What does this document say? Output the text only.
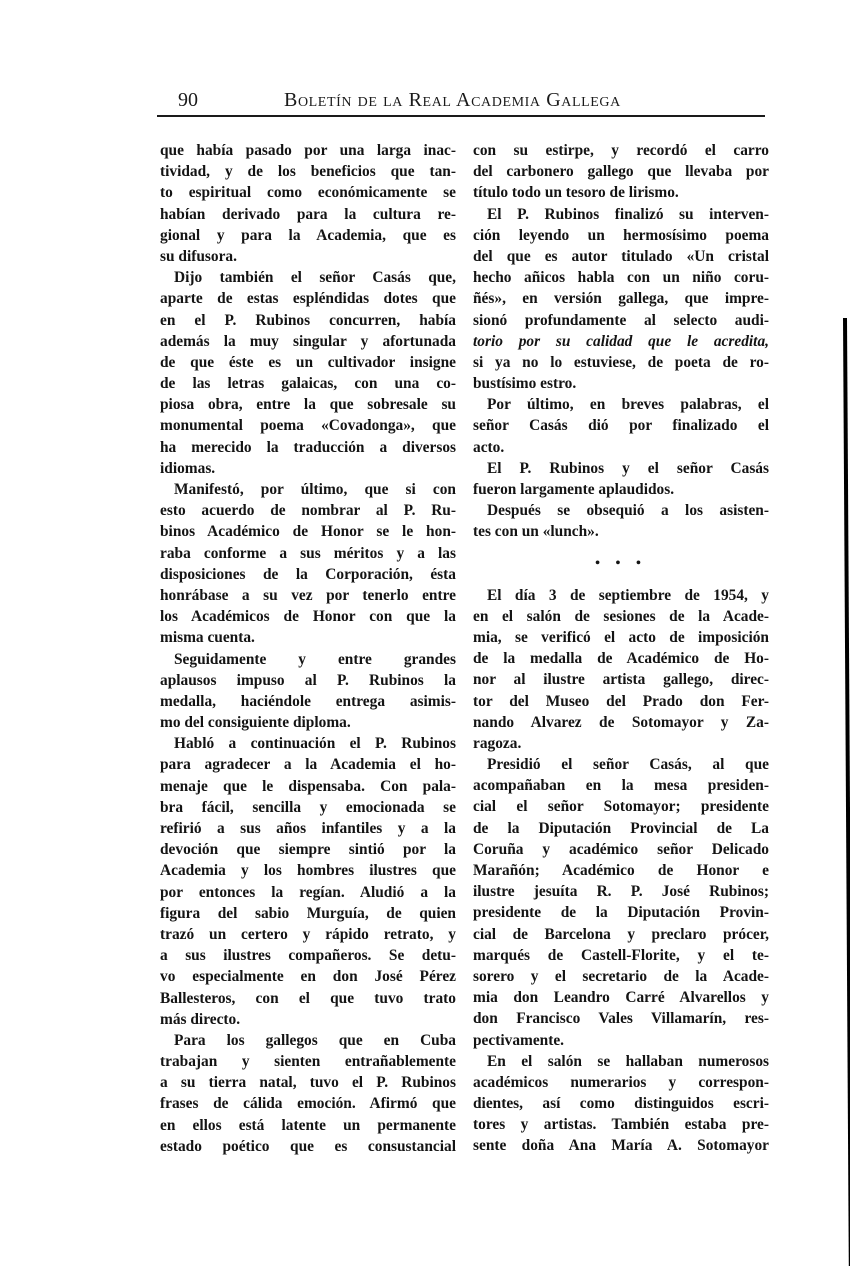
90	Boletín de la Real Academia Gallega
que había pasado por una larga inac-
tividad, y de los beneficios que tan-
to espiritual como económicamente se
habían derivado para la cultura re-
gional y para la Academia, que es
su difusora.
Dijo también el señor Casás que,
aparte de estas espléndidas dotes que
en el P. Rubinos concurren, había
además la muy singular y afortunada
de que éste es un cultivador insigne
de las letras galaicas, con una co-
piosa obra, entre la que sobresale su
monumental poema «Covadonga», que
ha merecido la traducción a diversos
idiomas.
Manifestó, por último, que si con
esto acuerdo de nombrar al P. Ru-
binos Académico de Honor se le hon-
raba conforme a sus méritos y a las
disposiciones de la Corporación, ésta
honrábase a su vez por tenerlo entre
los Académicos de Honor con que la
misma cuenta.
Seguidamente y entre grandes
aplausos impuso al P. Rubinos la
medalla, haciéndole entrega asimis-
mo del consiguiente diploma.
Habló a continuación el P. Rubinos
para agradecer a la Academia el ho-
menaje que le dispensaba. Con pala-
bra fácil, sencilla y emocionada se
refirió a sus años infantiles y a la
devoción que siempre sintió por la
Academia y los hombres ilustres que
por entonces la regían. Aludió a la
figura del sabio Murguía, de quien
trazó un certero y rápido retrato, y
a sus ilustres compañeros. Se detu-
vo especialmente en don José Pérez
Ballesteros, con el que tuvo trato
más directo.
Para los gallegos que en Cuba
trabajan y sienten entrañablemente
a su tierra natal, tuvo el P. Rubinos
frases de cálida emoción. Afirmó que
en ellos está latente un permanente
estado poético que es consustancial
con su estirpe, y recordó el carro
del carbonero gallego que llevaba por
título todo un tesoro de lirismo.
El P. Rubinos finalizó su interven-
ción leyendo un hermosísimo poema
del que es autor titulado «Un cristal
hecho añicos habla con un niño coru-
ñés», en versión gallega, que impre-
sionó profundamente al selecto audi-
torio por su calidad que le acredita,
si ya no lo estuviese, de poeta de ro-
bustísimo estro.
Por último, en breves palabras, el
señor Casás dió por finalizado el
acto.
El P. Rubinos y el señor Casás
fueron largamente aplaudidos.
Después se obsequió a los asisten-
tes con un «lunch».
• • •
El día 3 de septiembre de 1954, y
en el salón de sesiones de la Acade-
mia, se verificó el acto de imposición
de la medalla de Académico de Ho-
nor al ilustre artista gallego, direc-
tor del Museo del Prado don Fer-
nando Alvarez de Sotomayor y Za-
ragoza.
Presidió el señor Casás, al que
acompañaban en la mesa presiden-
cial el señor Sotomayor; presidente
de la Diputación Provincial de La
Coruña y académico señor Delicado
Marañón; Académico de Honor e
ilustre jesuíta R. P. José Rubinos;
presidente de la Diputación Provin-
cial de Barcelona y preclaro prócer,
marqués de Castell-Florite, y el te-
sorero y el secretario de la Acade-
mia don Leandro Carré Alvarellos y
don Francisco Vales Villamarín, res-
pectivamente.
En el salón se hallaban numerosos
académicos numerarios y correspon-
dientes, así como distinguidos escri-
tores y artistas. También estaba pre-
sente doña Ana María A. Sotomayor
